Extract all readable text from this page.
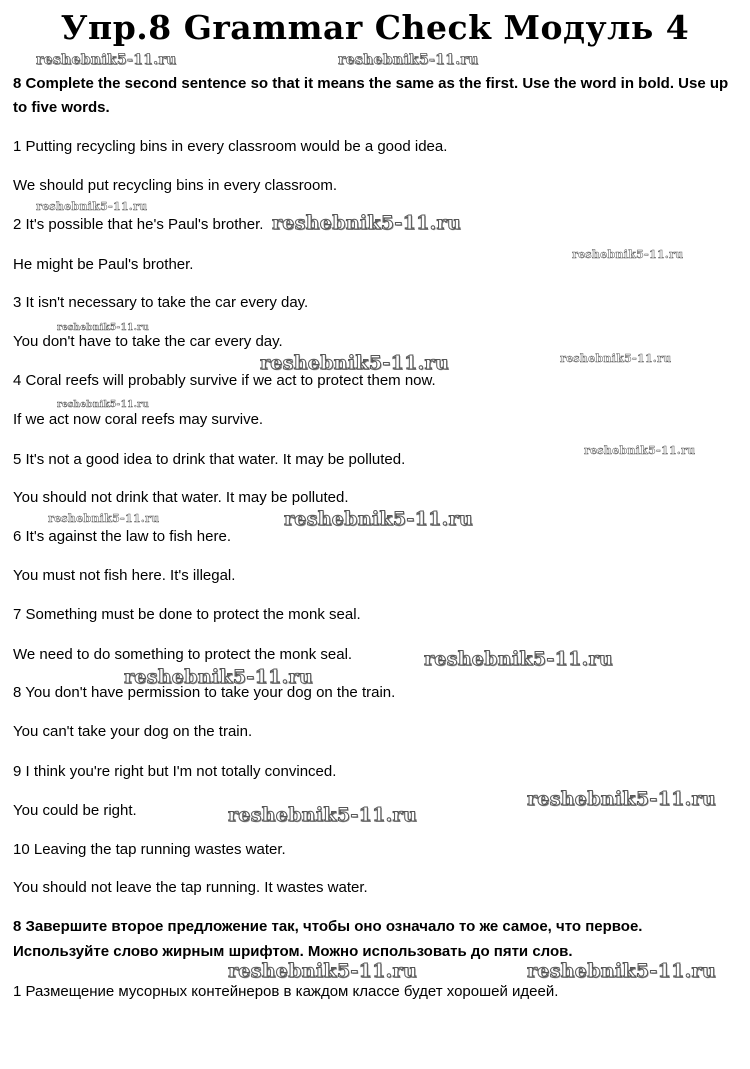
Упр.8 Grammar Check Модуль 4
8 Complete the second sentence so that it means the same as the first. Use the word in bold. Use up
to five words.
1 Putting recycling bins in every classroom would be a good idea.
We should put recycling bins in every classroom.
2 It's possible that he's Paul's brother.
He might be Paul's brother.
3 It isn't necessary to take the car every day.
You don't have to take the car every day.
4 Coral reefs will probably survive if we act to protect them now.
If we act now coral reefs may survive.
5 It's not a good idea to drink that water. It may be polluted.
You should not drink that water. It may be polluted.
6 It's against the law to fish here.
You must not fish here. It's illegal.
7 Something must be done to protect the monk seal.
We need to do something to protect the monk seal.
8 You don't have permission to take your dog on the train.
You can't take your dog on the train.
9 I think you're right but I'm not totally convinced.
You could be right.
10 Leaving the tap running wastes water.
You should not leave the tap running. It wastes water.
8 Завершите второе предложение так, чтобы оно означало то же самое, что первое.
Используйте слово жирным шрифтом. Можно использовать до пяти слов.
1 Размещение мусорных контейнеров в каждом классе будет хорошей идеей.
reshebnik5-11.ru	reshebnik5-11.ru
reshebnik5-11.ru
reshebnik5-11.ru
reshebnik5-11.ru
reshebnik5-11.ru
reshebnik5-11.ru	reshebnik5-11.ru
reshebnik5-11.ru
reshebnik5-11.ru
reshebnik5-11.ru	reshebnik5-11.ru
reshebnik5-11.ru
reshebnik5-11.ru
reshebnik5-11.ru
reshebnik5-11.ru
reshebnik5-11.ru	reshebnik5-11.ru
